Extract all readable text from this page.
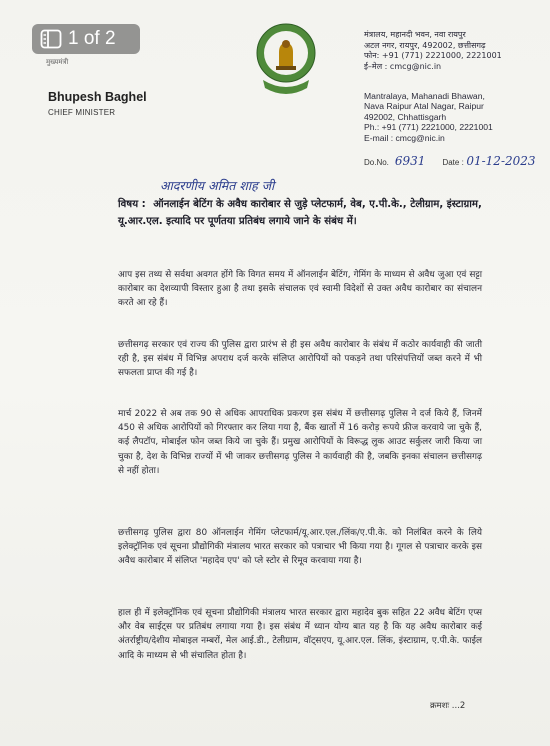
1 of 2
मुख्यमंत्री
Bhupesh Baghel
CHIEF MINISTER
मंत्रालय, महानदी भवन, नवा रायपुर
अटल नगर, रायपुर, 492002, छत्तीसगढ़
फोन: +91 (771) 2221000, 2221001
ई–मेल : cmcg@nic.in
Mantralaya, Mahanadi Bhawan,
Nava Raipur Atal Nagar, Raipur
492002, Chhattisgarh
Ph.: +91 (771) 2221000, 2221001
E-mail : cmcg@nic.in
Do.No. 6931 Date : 01-12-2023
आदरणीय अमित शाह जी
विषय : ऑनलाईन बेटिंग के अवैध कारोबार से जुड़े प्लेटफार्म, वेब, ए.पी.के., टेलीग्राम, इंस्टाग्राम, यू.आर.एल. इत्यादि पर पूर्णतया प्रतिबंध लगाये जाने के संबंध में।
आप इस तथ्य से सर्वथा अवगत होंगे कि विगत समय में ऑनलाईन बेटिंग, गेमिंग के माध्यम से अवैध जुआ एवं सट्टा कारोबार का देशव्यापी विस्तार हुआ है तथा इसके संचालक एवं स्वामी विदेशों से उक्त अवैध कारोबार का संचालन करते आ रहे हैं।
छत्तीसगढ़ सरकार एवं राज्य की पुलिस द्वारा प्रारंभ से ही इस अवैध कारोबार के संबंध में कठोर कार्यवाही की जाती रही है, इस संबंध में विभिन्न अपराध दर्ज करके संलिप्त आरोपियों को पकड़ने तथा परिसंपत्तियों जब्त करने में भी सफलता प्राप्त की गई है।
मार्च 2022 से अब तक 90 से अधिक आपराधिक प्रकरण इस संबंध में छत्तीसगढ़ पुलिस ने दर्ज किये हैं, जिनमें 450 से अधिक आरोपियों को गिरफ्तार कर लिया गया है, बैंक खातों में 16 करोड़ रूपये फ्रीज करवाये जा चुके हैं, कई लैपटॉप, मोबाईल फोन जब्त किये जा चुके हैं। प्रमुख आरोपियों के विरूद्ध लुक आउट सर्कुलर जारी किया जा चुका है, देश के विभिन्न राज्यों में भी जाकर छत्तीसगढ़ पुलिस ने कार्यवाही की है, जबकि इनका संचालन छत्तीसगढ़ से नहीं होता।
छत्तीसगढ़ पुलिस द्वारा 80 ऑनलाईन गेमिंग प्लेटफार्म/यू.आर.एल./लिंक/ए.पी.के. को निलंबित करने के लिये इलेक्ट्रॉनिक एवं सूचना प्रौद्योगिकी मंत्रालय भारत सरकार को पत्राचार भी किया गया है। गूगल से पत्राचार करके इस अवैध कारोबार में संलिप्त 'महादेव एप' को प्ले स्टोर से रिमूव करवाया गया है।
हाल ही में इलेक्ट्रॉनिक एवं सूचना प्रौद्योगिकी मंत्रालय भारत सरकार द्वारा महादेव बुक सहित 22 अवैध बेटिंग एप्स और वेब साईट्स पर प्रतिबंध लगाया गया है। इस संबंध में ध्यान योग्य बात यह है कि यह अवैध कारोबार कई अंतर्राष्ट्रीय/देशीय मोबाइल नम्बरों, मेल आई.डी., टेलीग्राम, वॉट्सएप, यू.आर.एल. लिंक, इंस्टाग्राम, ए.पी.के. फाईल आदि के माध्यम से भी संचालित होता है।
क्रमशः ...2
